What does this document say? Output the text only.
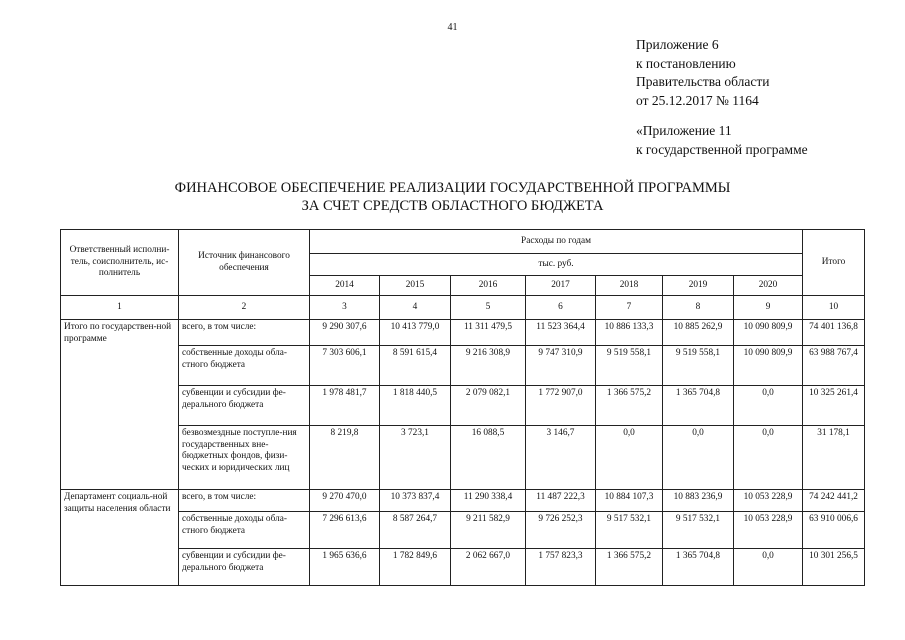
41
Приложение 6
к постановлению
Правительства области
от 25.12.2017 № 1164
«Приложение 11
к государственной программе
ФИНАНСОВОЕ ОБЕСПЕЧЕНИЕ РЕАЛИЗАЦИИ ГОСУДАРСТВЕННОЙ ПРОГРАММЫ
ЗА СЧЕТ СРЕДСТВ ОБЛАСТНОГО БЮДЖЕТА
Ответственный исполни-тель, соисполнитель, ис-полнитель	Источник финансового обеспечения	Расходы по годам							Итого
		тыс. руб.							
		2014	2015	2016	2017	2018	2019	2020	
1	2	3	4	5	6	7	8	9	10
Итого по государствен-ной программе	всего, в том числе:	9 290 307,6	10 413 779,0	11 311 479,5	11 523 364,4	10 886 133,3	10 885 262,9	10 090 809,9	74 401 136,8
	собственные доходы обла-стного бюджета	7 303 606,1	8 591 615,4	9 216 308,9	9 747 310,9	9 519 558,1	9 519 558,1	10 090 809,9	63 988 767,4
	субвенции и субсидии фе-дерального бюджета	1 978 481,7	1 818 440,5	2 079 082,1	1 772 907,0	1 366 575,2	1 365 704,8	0,0	10 325 261,4
	безвозмездные поступле-ния государственных вне-бюджетных фондов, физи-ческих и юридических лиц	8 219,8	3 723,1	16 088,5	3 146,7	0,0	0,0	0,0	31 178,1
Департамент социаль-ной защиты населения области	всего, в том числе:	9 270 470,0	10 373 837,4	11 290 338,4	11 487 222,3	10 884 107,3	10 883 236,9	10 053 228,9	74 242 441,2
	собственные доходы обла-стного бюджета	7 296 613,6	8 587 264,7	9 211 582,9	9 726 252,3	9 517 532,1	9 517 532,1	10 053 228,9	63 910 006,6
	субвенции и субсидии фе-дерального бюджета	1 965 636,6	1 782 849,6	2 062 667,0	1 757 823,3	1 366 575,2	1 365 704,8	0,0	10 301 256,5
